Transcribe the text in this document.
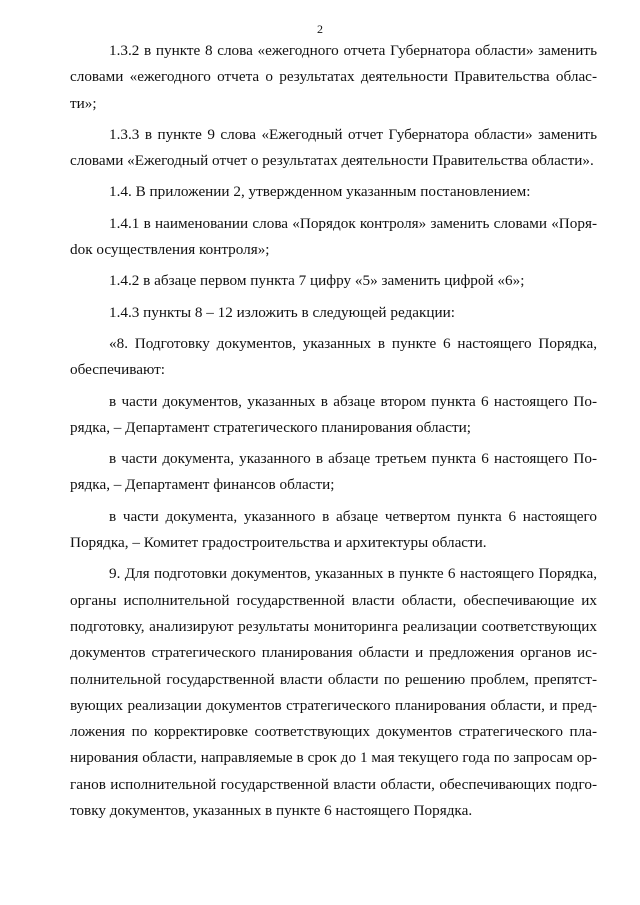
2

1.3.2 в пункте 8 слова «ежегодного отчета Губернатора области» заменить словами «ежегодного отчета о результатах деятельности Правительства области»;

1.3.3 в пункте 9 слова «Ежегодный отчет Губернатора области» заменить словами «Ежегодный отчет о результатах деятельности Правительства области».

1.4. В приложении 2, утвержденном указанным постановлением:

1.4.1 в наименовании слова «Порядок контроля» заменить словами «Поряdок осуществления контроля»;

1.4.2 в абзаце первом пункта 7 цифру «5» заменить цифрой «6»;

1.4.3 пункты 8 – 12 изложить в следующей редакции:

«8. Подготовку документов, указанных в пункте 6 настоящего Порядка, обеспечивают:

в части документов, указанных в абзаце втором пункта 6 настоящего Порядка, – Департамент стратегического планирования области;

в части документа, указанного в абзаце третьем пункта 6 настоящего Порядка, – Департамент финансов области;

в части документа, указанного в абзаце четвертом пункта 6 настоящего Порядка, – Комитет градостроительства и архитектуры области.

9. Для подготовки документов, указанных в пункте 6 настоящего Порядка, органы исполнительной государственной власти области, обеспечивающие их подготовку, анализируют результаты мониторинга реализации соответствующих документов стратегического планирования области и предложения органов исполнительной государственной власти области по решению проблем, препятствующих реализации документов стратегического планирования области, и предложения по корректировке соответствующих документов стратегического планирования области, направляемые в срок до 1 мая текущего года по запросам органов исполнительной государственной власти области, обеспечивающих подготовку документов, указанных в пункте 6 настоящего Порядка.
